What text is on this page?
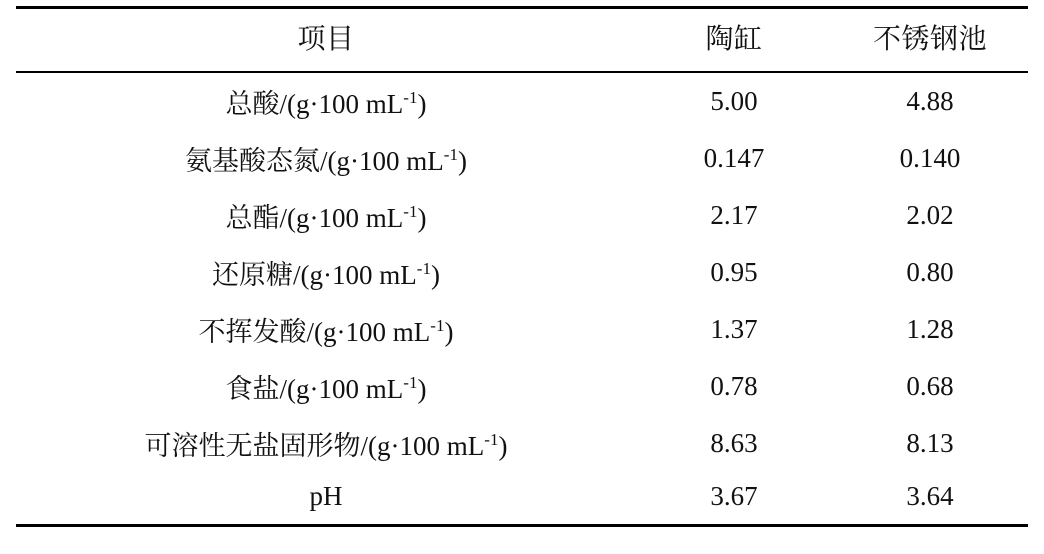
项目	陶缸	不锈钢池
总酸/(g·100 $mL^{-1}$)	5.00	4.88
氨基酸态氮/(g·100 $mL^{-1}$)	0.147	0.140
总酯/(g·100 $mL^{-1}$)	2.17	2.02
还原糖/(g·100 $mL^{-1}$)	0.95	0.80
不挥发酸/(g·100 $mL^{-1}$)	1.37	1.28
食盐/(g·100 $mL^{-1}$)	0.78	0.68
可溶性无盐固形物/(g·100 $mL^{-1}$)	8.63	8.13
pH	3.67	3.64
